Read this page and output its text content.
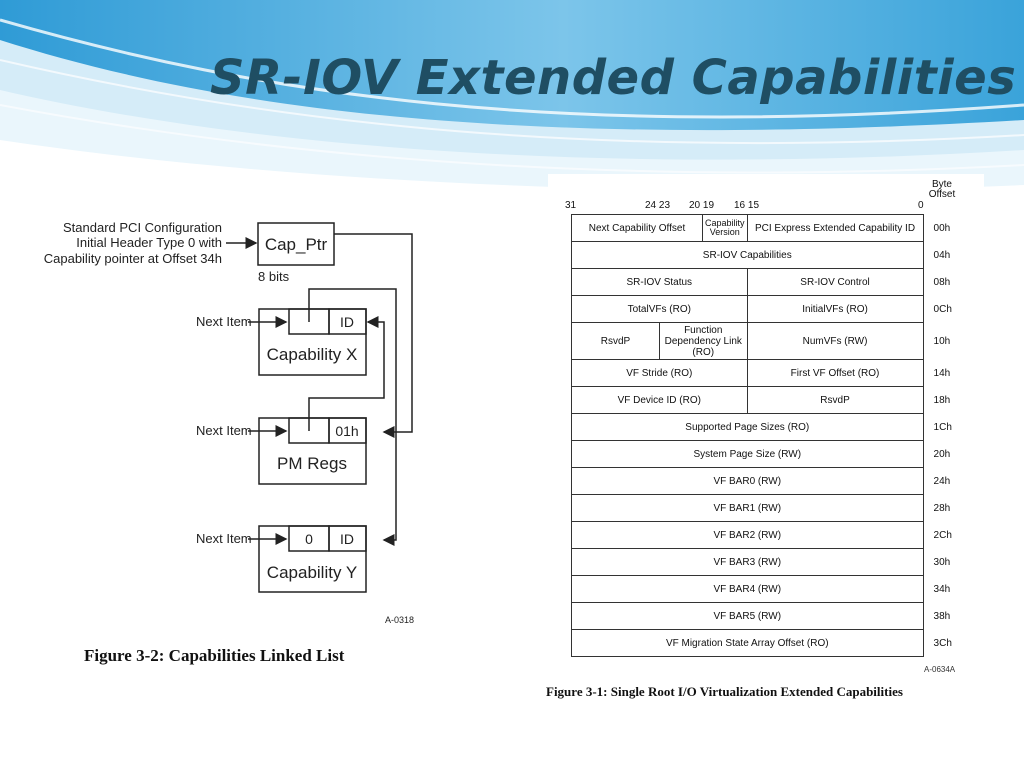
SR-IOV Extended Capabilities
Standard PCI Configuration
Initial Header Type 0 with
Capability pointer at Offset 34h
Cap_Ptr
8 bits
Next Item	ID
Capability X
Next Item	01h
PM Regs
Next Item	0 ID
Capability Y
A-0318
Figure 3-2: Capabilities Linked List
Byte
Offset
31	24 23 20 19 16 15	0
Next Capability Offset		Capability Version	PCI Express Extended Capability ID	00h
SR-IOV Capabilities				04h
SR-IOV Status			SR-IOV Control	08h
TotalVFs (RO)			InitialVFs (RO)	0Ch
RsvdP	Function Dependency Link (RO)		NumVFs (RW)	10h
VF Stride (RO)			First VF Offset (RO)	14h
VF Device ID (RO)			RsvdP	18h
Supported Page Sizes (RO)				1Ch
System Page Size (RW)				20h
VF BAR0 (RW)				24h
VF BAR1 (RW)				28h
VF BAR2 (RW)				2Ch
VF BAR3 (RW)				30h
VF BAR4 (RW)				34h
VF BAR5 (RW)				38h
VF Migration State Array Offset (RO)				3Ch
A-0634A
Figure 3-1: Single Root I/O Virtualization Extended Capabilities
